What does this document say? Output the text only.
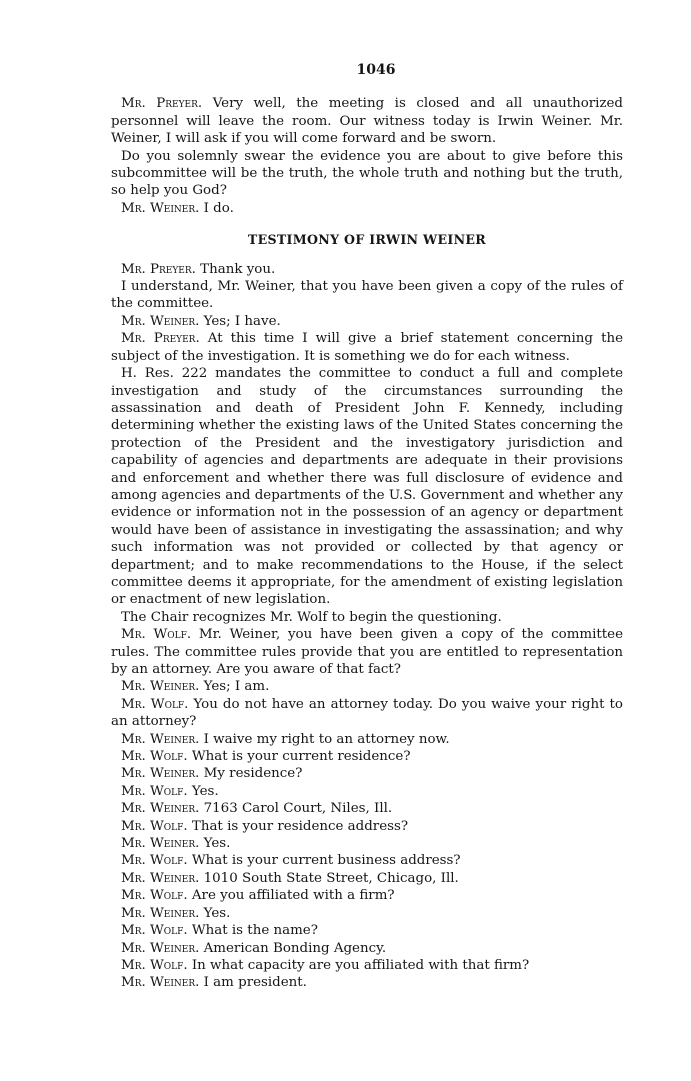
1046

Mr. Preyer. Very well, the meeting is closed and all unauthorized personnel will leave the room. Our witness today is Irwin Weiner. Mr. Weiner, I will ask if you will come forward and be sworn.

Do you solemnly swear the evidence you are about to give before this subcommittee will be the truth, the whole truth and nothing but the truth, so help you God?

Mr. Weiner. I do.

TESTIMONY OF IRWIN WEINER

Mr. Preyer. Thank you.

I understand, Mr. Weiner, that you have been given a copy of the rules of the committee.

Mr. Weiner. Yes; I have.

Mr. Preyer. At this time I will give a brief statement concerning the subject of the investigation. It is something we do for each witness.

H. Res. 222 mandates the committee to conduct a full and complete investigation and study of the circumstances surrounding the assassination and death of President John F. Kennedy, including determining whether the existing laws of the United States concerning the protection of the President and the investigatory jurisdiction and capability of agencies and departments are adequate in their provisions and enforcement and whether there was full disclosure of evidence and among agencies and departments of the U.S. Government and whether any evidence or information not in the possession of an agency or department would have been of assistance in investigating the assassination; and why such information was not provided or collected by that agency or department; and to make recommendations to the House, if the select committee deems it appropriate, for the amendment of existing legislation or enactment of new legislation.

The Chair recognizes Mr. Wolf to begin the questioning.

Mr. Wolf. Mr. Weiner, you have been given a copy of the committee rules. The committee rules provide that you are entitled to representation by an attorney. Are you aware of that fact?

Mr. Weiner. Yes; I am.

Mr. Wolf. You do not have an attorney today. Do you waive your right to an attorney?

Mr. Weiner. I waive my right to an attorney now.

Mr. Wolf. What is your current residence?

Mr. Weiner. My residence?

Mr. Wolf. Yes.

Mr. Weiner. 7163 Carol Court, Niles, Ill.

Mr. Wolf. That is your residence address?

Mr. Weiner. Yes.

Mr. Wolf. What is your current business address?

Mr. Weiner. 1010 South State Street, Chicago, Ill.

Mr. Wolf. Are you affiliated with a firm?

Mr. Weiner. Yes.

Mr. Wolf. What is the name?

Mr. Weiner. American Bonding Agency.

Mr. Wolf. In what capacity are you affiliated with that firm?

Mr. Weiner. I am president.
